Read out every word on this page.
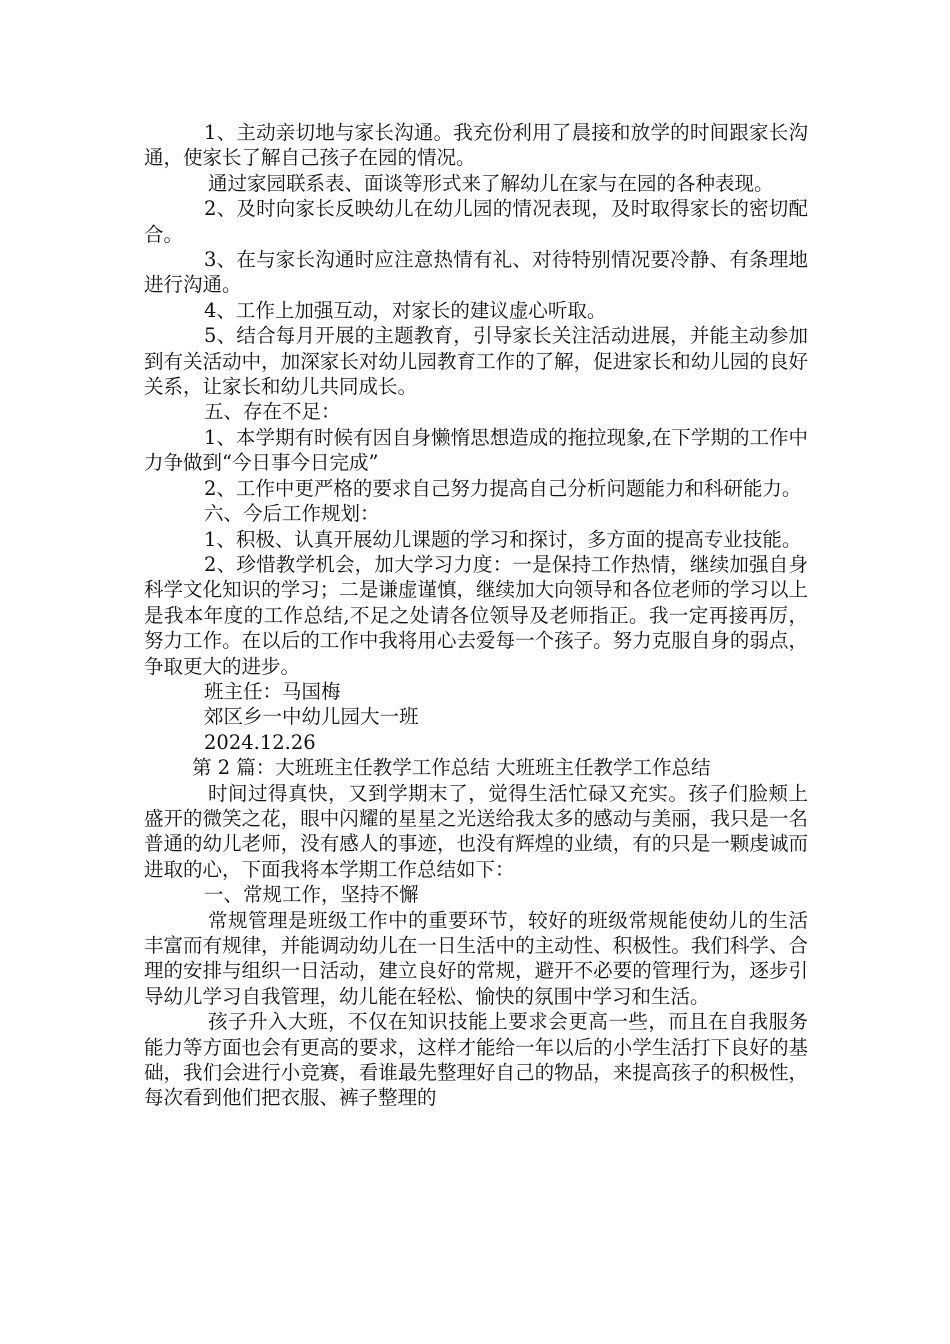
1、主动亲切地与家长沟通。我充份利用了晨接和放学的时间跟家长沟通，使家长了解自己孩子在园的情况。

通过家园联系表、面谈等形式来了解幼儿在家与在园的各种表现。

2、及时向家长反映幼儿在幼儿园的情况表现，及时取得家长的密切配合。

3、在与家长沟通时应注意热情有礼、对待特别情况要冷静、有条理地进行沟通。

4、工作上加强互动，对家长的建议虚心听取。

5、结合每月开展的主题教育，引导家长关注活动进展，并能主动参加到有关活动中，加深家长对幼儿园教育工作的了解，促进家长和幼儿园的良好关系，让家长和幼儿共同成长。

五、存在不足：

1、本学期有时候有因自身懒惰思想造成的拖拉现象,在下学期的工作中力争做到“今日事今日完成”

2、工作中更严格的要求自己努力提高自己分析问题能力和科研能力。

六、今后工作规划：

1、积极、认真开展幼儿课题的学习和探讨，多方面的提高专业技能。

2、珍惜教学机会，加大学习力度：一是保持工作热情，继续加强自身科学文化知识的学习；二是谦虚谨慎，继续加大向领导和各位老师的学习以上是我本年度的工作总结,不足之处请各位领导及老师指正。我一定再接再厉，努力工作。在以后的工作中我将用心去爱每一个孩子。努力克服自身的弱点，争取更大的进步。

班主任：马国梅

郊区乡一中幼儿园大一班

2024.12.26

第 2 篇：大班班主任教学工作总结 大班班主任教学工作总结

时间过得真快，又到学期末了，觉得生活忙碌又充实。孩子们脸颊上盛开的微笑之花，眼中闪耀的星星之光送给我太多的感动与美丽，我只是一名普通的幼儿老师，没有感人的事迹，也没有辉煌的业绩，有的只是一颗虔诚而进取的心，下面我将本学期工作总结如下：

一、常规工作，坚持不懈

常规管理是班级工作中的重要环节，较好的班级常规能使幼儿的生活丰富而有规律，并能调动幼儿在一日生活中的主动性、积极性。我们科学、合理的安排与组织一日活动，建立良好的常规，避开不必要的管理行为，逐步引导幼儿学习自我管理，幼儿能在轻松、愉快的氛围中学习和生活。

孩子升入大班，不仅在知识技能上要求会更高一些，而且在自我服务能力等方面也会有更高的要求，这样才能给一年以后的小学生活打下良好的基础，我们会进行小竞赛，看谁最先整理好自己的物品，来提高孩子的积极性，每次看到他们把衣服、裤子整理的
